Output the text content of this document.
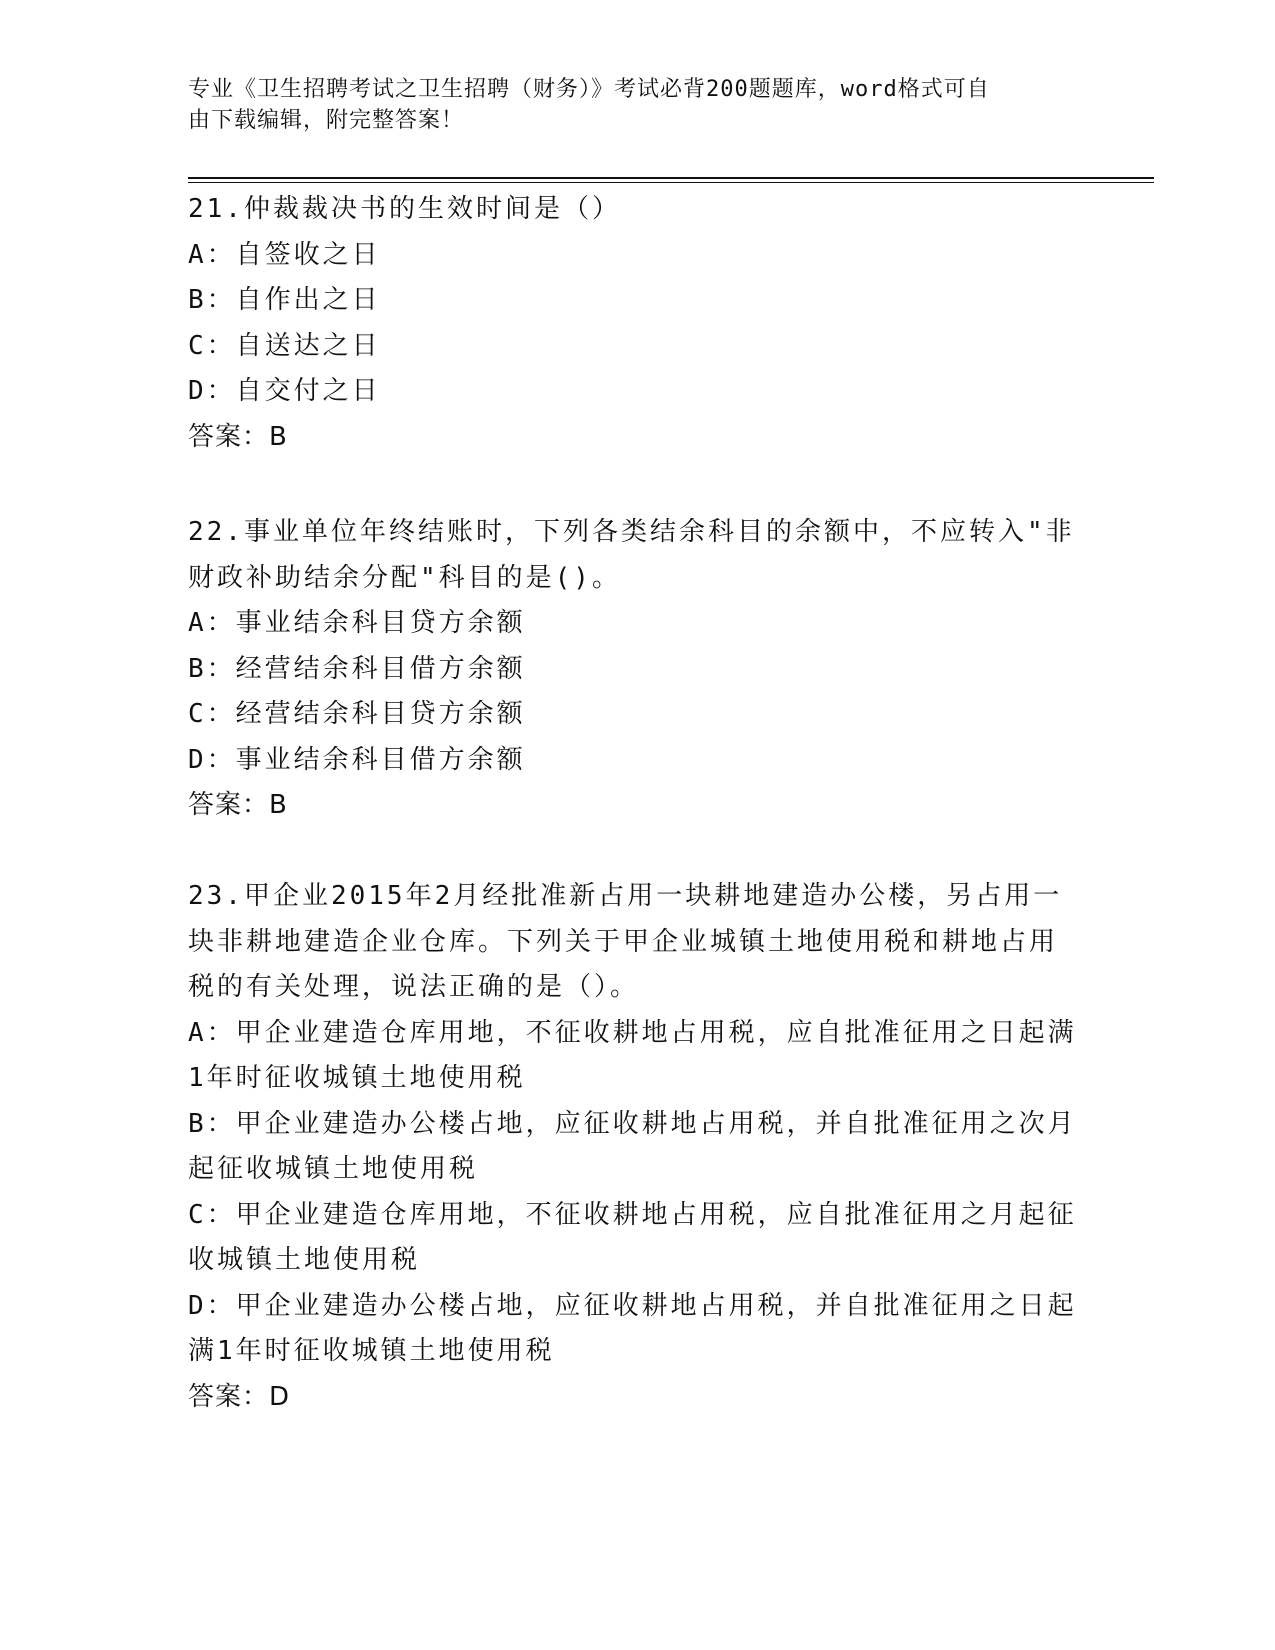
专业《卫生招聘考试之卫生招聘（财务）》考试必背200题题库，word格式可自
由下载编辑，附完整答案！
21.仲裁裁决书的生效时间是（）
A：自签收之日
B：自作出之日
C：自送达之日
D：自交付之日
答案：B
22.事业单位年终结账时，下列各类结余科目的余额中，不应转入"非
财政补助结余分配"科目的是()。
A：事业结余科目贷方余额
B：经营结余科目借方余额
C：经营结余科目贷方余额
D：事业结余科目借方余额
答案：B
23.甲企业2015年2月经批准新占用一块耕地建造办公楼，另占用一
块非耕地建造企业仓库。下列关于甲企业城镇土地使用税和耕地占用
税的有关处理，说法正确的是（）。
A：甲企业建造仓库用地，不征收耕地占用税，应自批准征用之日起满
1年时征收城镇土地使用税
B：甲企业建造办公楼占地，应征收耕地占用税，并自批准征用之次月
起征收城镇土地使用税
C：甲企业建造仓库用地，不征收耕地占用税，应自批准征用之月起征
收城镇土地使用税
D：甲企业建造办公楼占地，应征收耕地占用税，并自批准征用之日起
满1年时征收城镇土地使用税
答案：D
